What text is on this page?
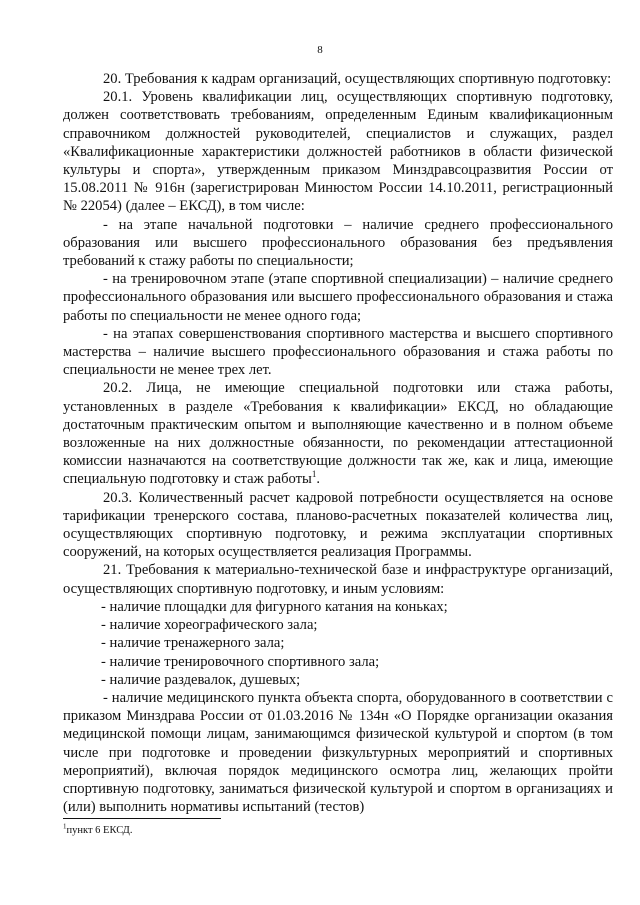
8

20. Требования к кадрам организаций, осуществляющих спортивную подготовку:

20.1. Уровень квалификации лиц, осуществляющих спортивную подготовку, должен соответствовать требованиям, определенным Единым квалификационным справочником должностей руководителей, специалистов и служащих, раздел «Квалификационные характеристики должностей работников в области физической культуры и спорта», утвержденным приказом Минздравсоцразвития России от 15.08.2011 № 916н (зарегистрирован Минюстом России 14.10.2011, регистрационный № 22054) (далее – ЕКСД), в том числе:

- на этапе начальной подготовки – наличие среднего профессионального образования или высшего профессионального образования без предъявления требований к стажу работы по специальности;

- на тренировочном этапе (этапе спортивной специализации) – наличие среднего профессионального образования или высшего профессионального образования и стажа работы по специальности не менее одного года;

- на этапах совершенствования спортивного мастерства и высшего спортивного мастерства – наличие высшего профессионального образования и стажа работы по специальности не менее трех лет.

20.2. Лица, не имеющие специальной подготовки или стажа работы, установленных в разделе «Требования к квалификации» ЕКСД, но обладающие достаточным практическим опытом и выполняющие качественно и в полном объеме возложенные на них должностные обязанности, по рекомендации аттестационной комиссии назначаются на соответствующие должности так же, как и лица, имеющие специальную подготовку и стаж работы$^1$.

20.3. Количественный расчет кадровой потребности осуществляется на основе тарификации тренерского состава, планово-расчетных показателей количества лиц, осуществляющих спортивную подготовку, и режима эксплуатации спортивных сооружений, на которых осуществляется реализация Программы.

21. Требования к материально-технической базе и инфраструктуре организаций, осуществляющих спортивную подготовку, и иным условиям:

- наличие площадки для фигурного катания на коньках;

- наличие хореографического зала;

- наличие тренажерного зала;

- наличие тренировочного спортивного зала;

- наличие раздевалок, душевых;

- наличие медицинского пункта объекта спорта, оборудованного в соответствии с приказом Минздрава России от 01.03.2016 № 134н «О Порядке организации оказания медицинской помощи лицам, занимающимся физической культурой и спортом (в том числе при подготовке и проведении физкультурных мероприятий и спортивных мероприятий), включая порядок медицинского осмотра лиц, желающих пройти спортивную подготовку, заниматься физической культурой и спортом в организациях и (или) выполнить нормативы испытаний (тестов)

$^1$пункт 6 ЕКСД.
